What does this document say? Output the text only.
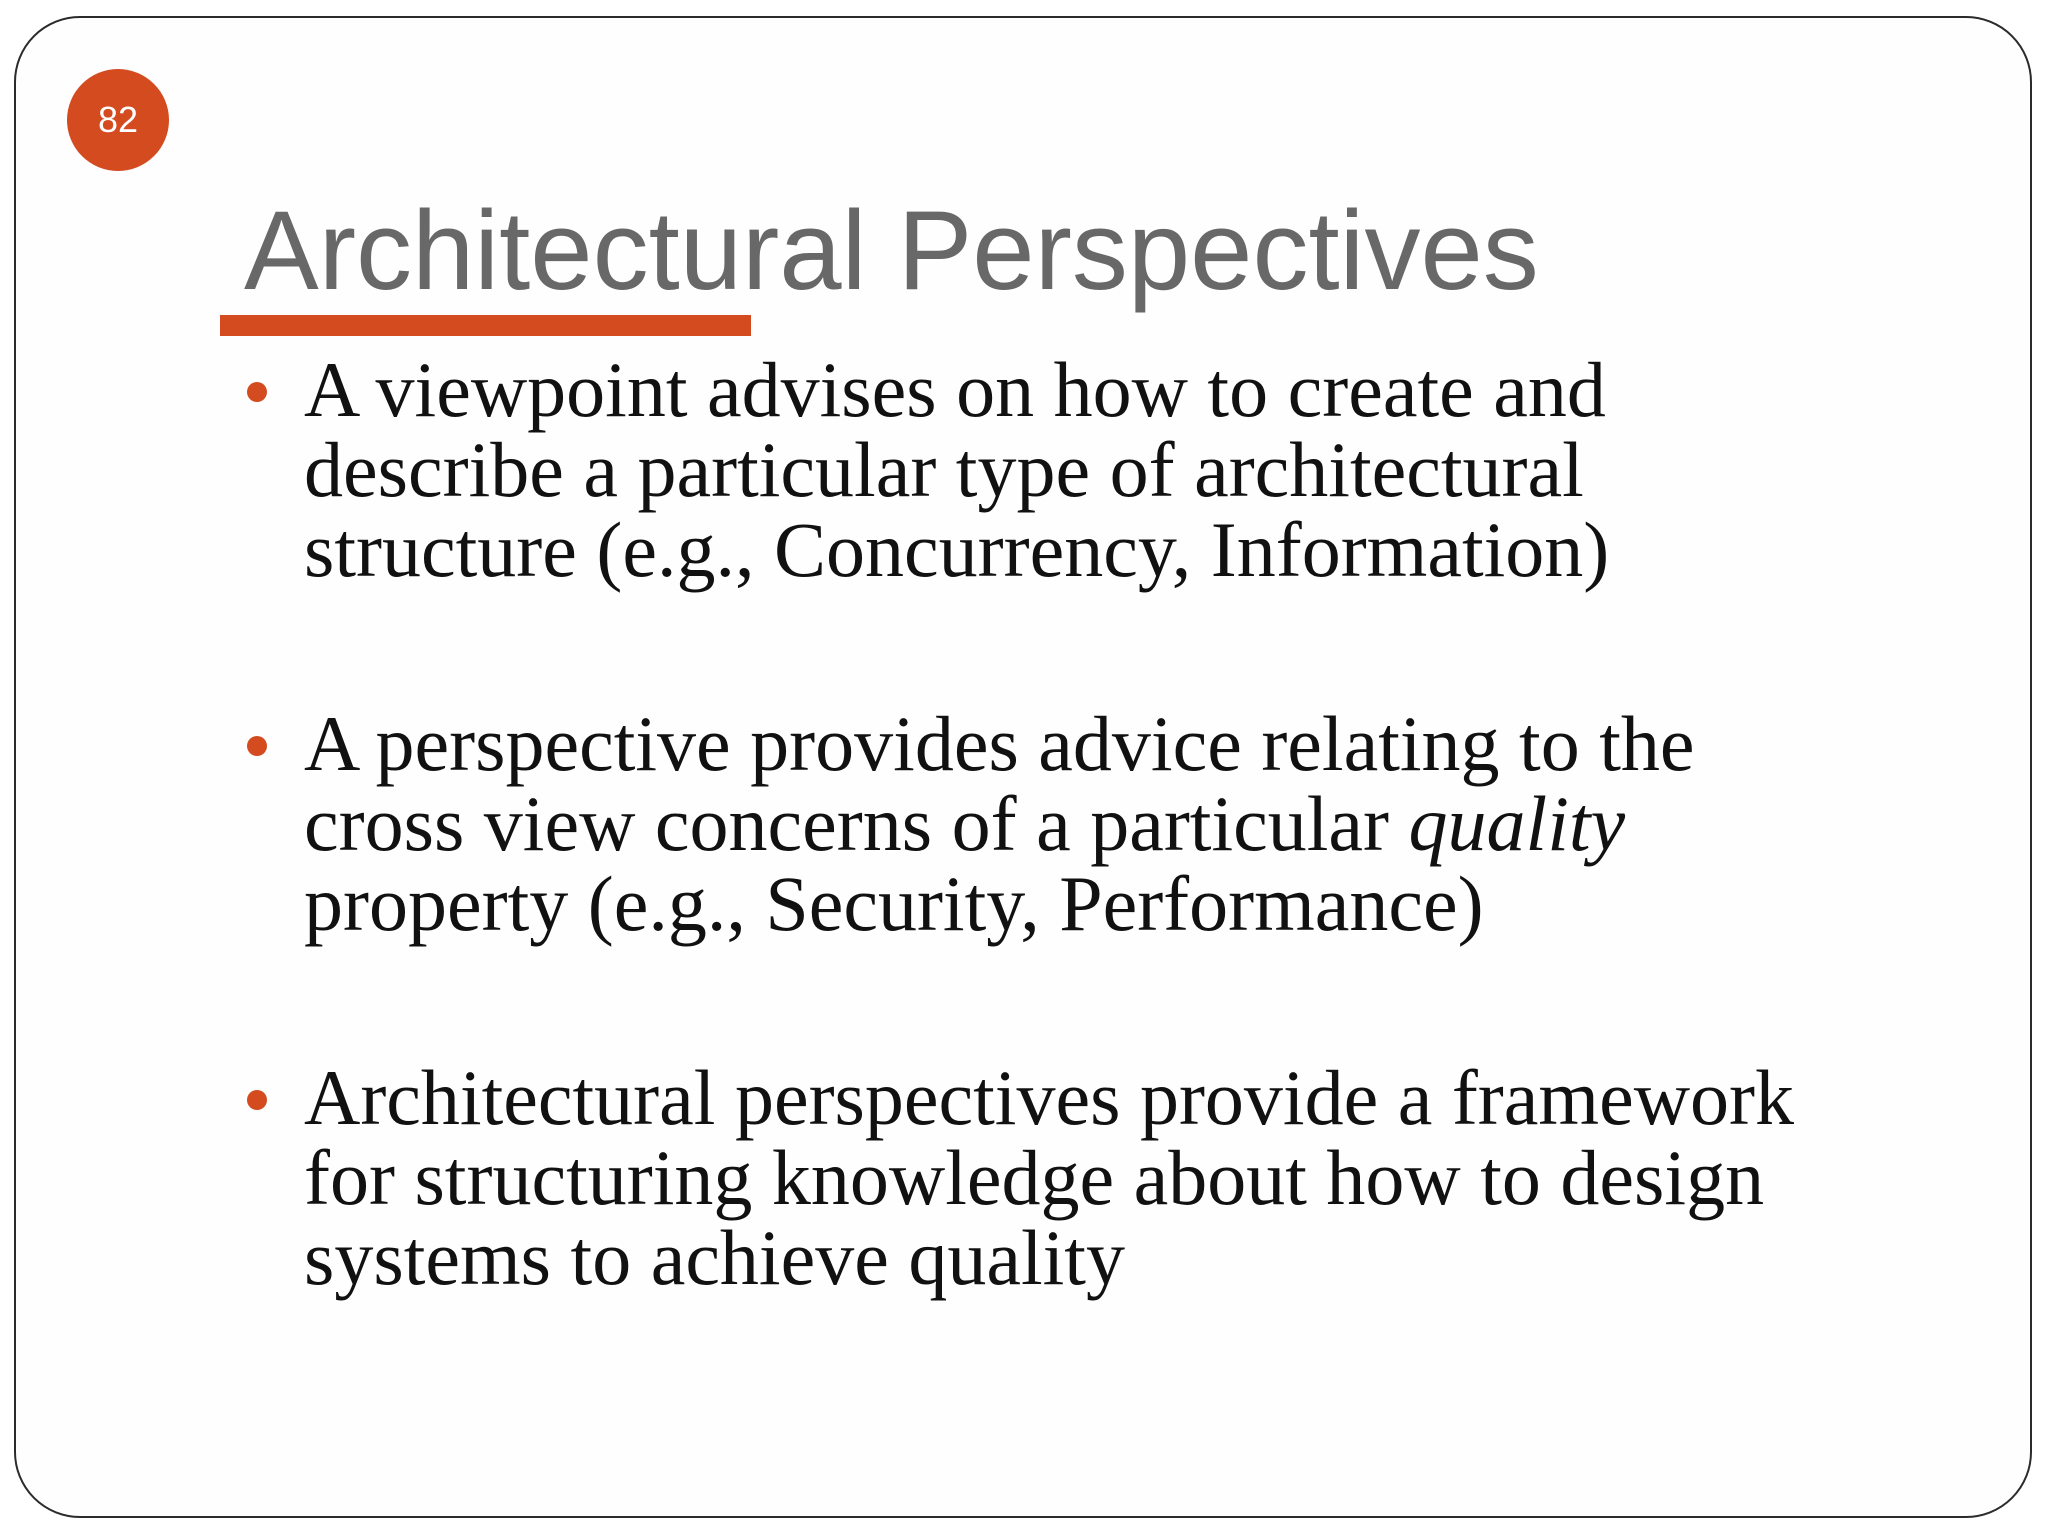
82
Architectural Perspectives
A viewpoint advises on how to create and
describe a particular type of architectural
structure (e.g., Concurrency, Information)
A perspective provides advice relating to the
cross view concerns of a particular quality
property (e.g., Security, Performance)
Architectural perspectives provide a framework
for structuring knowledge about how to design
systems to achieve quality
